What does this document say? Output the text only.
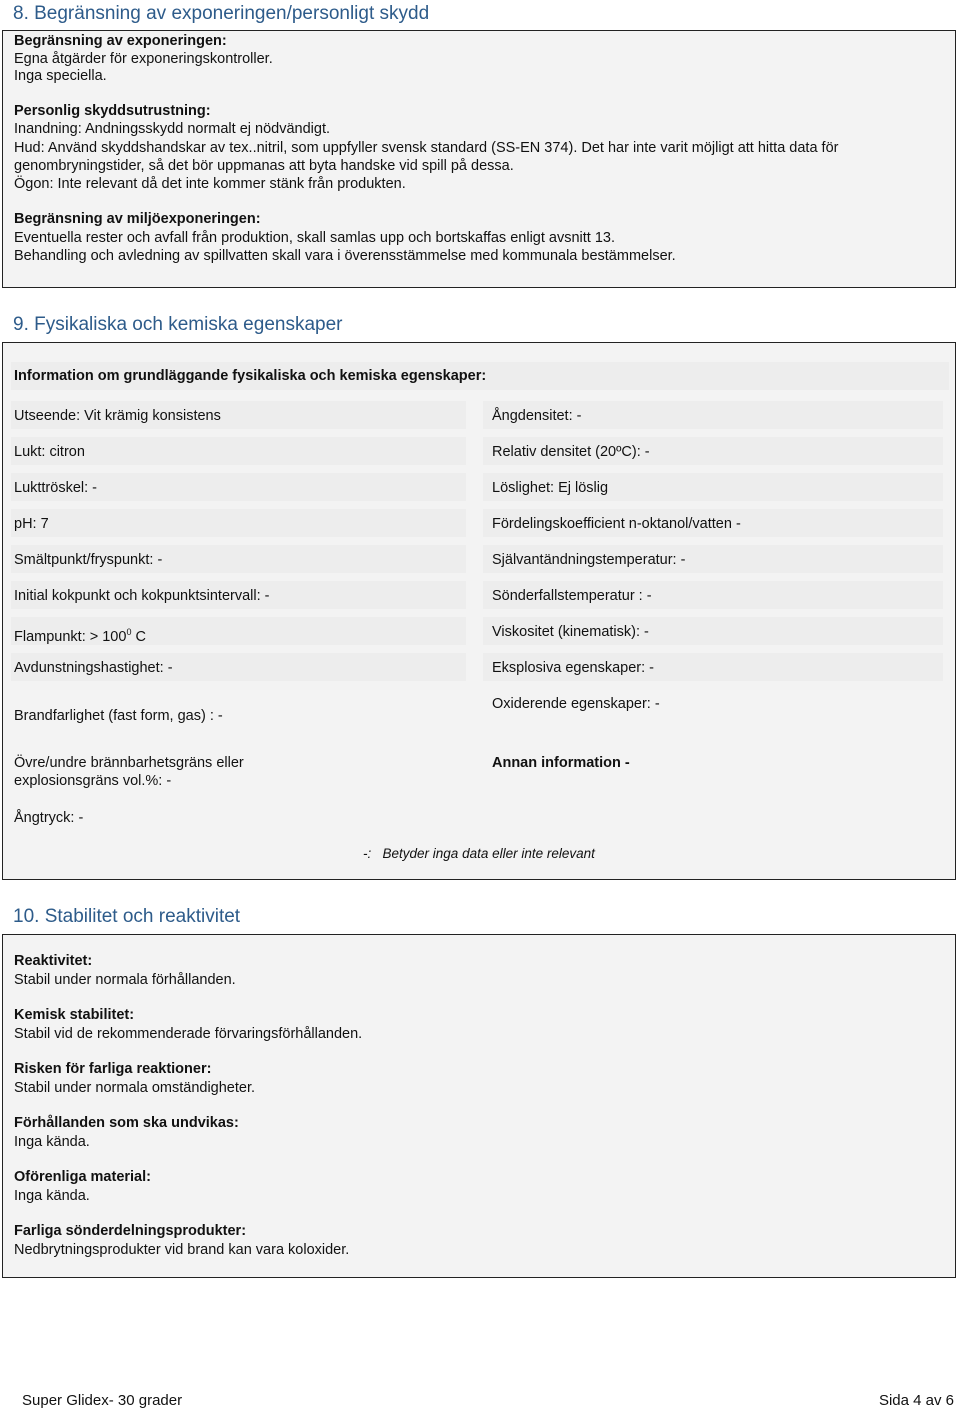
8. Begränsning av exponeringen/personligt skydd
Begränsning av exponeringen:
Egna åtgärder för exponeringskontroller.
Inga speciella.
Personlig skyddsutrustning:
Inandning: Andningsskydd normalt ej nödvändigt.
Hud: Använd skyddshandskar av tex..nitril, som uppfyller svensk standard (SS-EN 374). Det har inte varit möjligt att hitta data för genombryningstider, så det bör uppmanas att byta handske vid spill på dessa.
Ögon: Inte relevant då det inte kommer stänk från produkten.
Begränsning av miljöexponeringen:
Eventuella rester och avfall från produktion, skall samlas upp och bortskaffas enligt avsnitt 13.
Behandling och avledning av spillvatten skall vara i överensstämmelse med kommunala bestämmelser.
9. Fysikaliska och kemiska egenskaper
Information om grundläggande fysikaliska och kemiska egenskaper:
Utseende: Vit krämig konsistens
Lukt: citron
Lukttröskel: -
pH: 7
Smältpunkt/fryspunkt: -
Initial kokpunkt och kokpunktsintervall: -
Flampunkt: > $100^0$ C
Avdunstningshastighet: -
Brandfarlighet (fast form, gas) : -
Övre/undre brännbarhetsgräns eller
explosionsgräns vol.%: -
Ångtryck: -
Ångdensitet: -
Relativ densitet (20ºC): -
Löslighet: Ej löslig
Fördelingskoefficient n-oktanol/vatten -
Självantändningstemperatur: -
Sönderfallstemperatur : -
Viskositet (kinematisk): -
Eksplosiva egenskaper: -
Oxiderende egenskaper: -
Annan information -
-: Betyder inga data eller inte relevant
10. Stabilitet och reaktivitet
Reaktivitet:
Stabil under normala förhållanden.
Kemisk stabilitet:
Stabil vid de rekommenderade förvaringsförhållanden.
Risken för farliga reaktioner:
Stabil under normala omständigheter.
Förhållanden som ska undvikas:
Inga kända.
Oförenliga material:
Inga kända.
Farliga sönderdelningsprodukter:
Nedbrytningsprodukter vid brand kan vara koloxider.
Super Glidex- 30 grader	Sida 4 av 6
